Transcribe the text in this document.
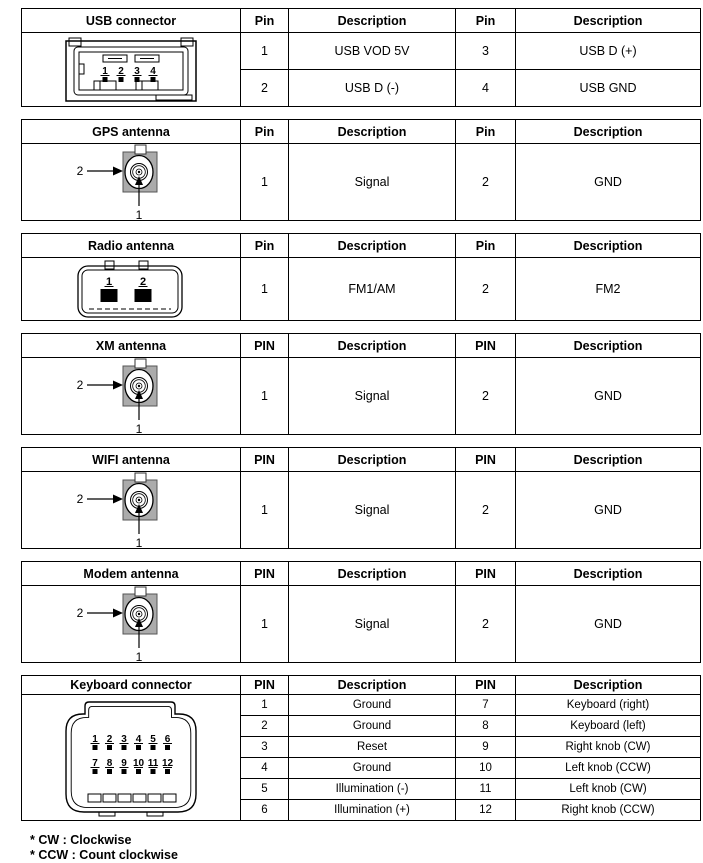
USB connector	Pin	Description	Pin	Description

1 2 3 4	1	USB VOD 5V	3	USB D (+)
	2	USB D (-)	4	USB GND
GPS antenna	Pin	Description	Pin	Description

2
1	1	Signal	2	GND
Radio antenna	Pin	Description	Pin	Description

1 2	1	FM1/AM	2	FM2
XM antenna	PIN	Description	PIN	Description

2
1	1	Signal	2	GND
WIFI antenna	PIN	Description	PIN	Description

2
1	1	Signal	2	GND
Modem antenna	PIN	Description	PIN	Description

2
1	1	Signal	2	GND
Keyboard connector	PIN	Description	PIN	Description

1 2 3 4 5 6
7 8 9 10 11 12
	1	Ground	7	Keyboard (right)
	2	Ground	8	Keyboard (left)
	3	Reset	9	Right knob (CW)
	4	Ground	10	Left knob (CCW)
	5	Illumination (-)	11	Left knob (CW)
	6	Illumination (+)	12	Right knob (CCW)
* CW : Clockwise
* CCW : Count clockwise
